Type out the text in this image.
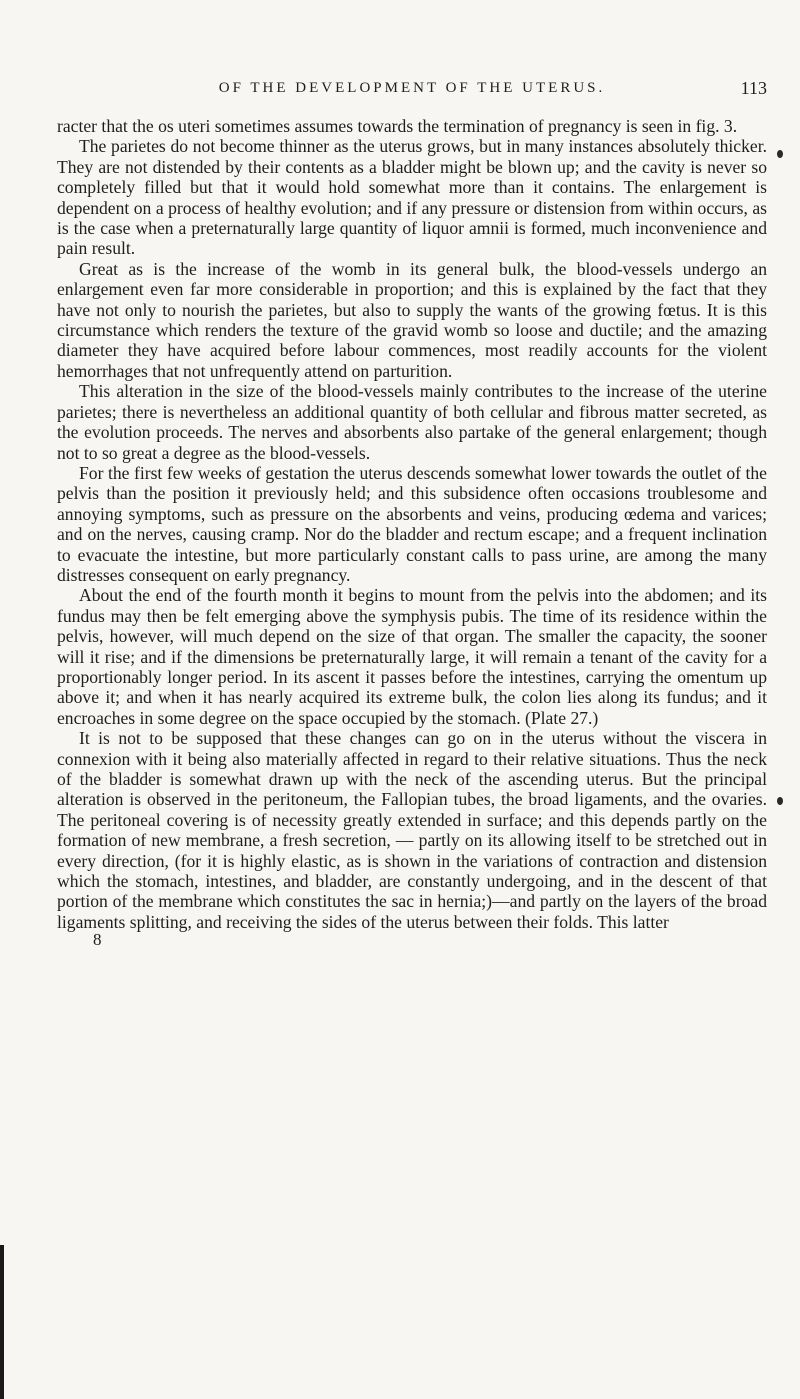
OF THE DEVELOPMENT OF THE UTERUS.	113

racter that the os uteri sometimes assumes towards the termination of pregnancy is seen in fig. 3.

The parietes do not become thinner as the uterus grows, but in many instances absolutely thicker. They are not distended by their contents as a bladder might be blown up; and the cavity is never so completely filled but that it would hold somewhat more than it contains. The enlargement is dependent on a process of healthy evolution; and if any pressure or distension from within occurs, as is the case when a preternaturally large quantity of liquor amnii is formed, much inconvenience and pain result.

Great as is the increase of the womb in its general bulk, the blood-vessels undergo an enlargement even far more considerable in proportion; and this is explained by the fact that they have not only to nourish the parietes, but also to supply the wants of the growing fœtus. It is this circumstance which renders the texture of the gravid womb so loose and ductile; and the amazing diameter they have acquired before labour commences, most readily accounts for the violent hemorrhages that not unfrequently attend on parturition.

This alteration in the size of the blood-vessels mainly contributes to the increase of the uterine parietes; there is nevertheless an additional quantity of both cellular and fibrous matter secreted, as the evolution proceeds. The nerves and absorbents also partake of the general enlargement; though not to so great a degree as the blood-vessels.

For the first few weeks of gestation the uterus descends somewhat lower towards the outlet of the pelvis than the position it previously held; and this subsidence often occasions troublesome and annoying symptoms, such as pressure on the absorbents and veins, producing œdema and varices; and on the nerves, causing cramp. Nor do the bladder and rectum escape; and a frequent inclination to evacuate the intestine, but more particularly constant calls to pass urine, are among the many distresses consequent on early pregnancy.

About the end of the fourth month it begins to mount from the pelvis into the abdomen; and its fundus may then be felt emerging above the symphysis pubis. The time of its residence within the pelvis, however, will much depend on the size of that organ. The smaller the capacity, the sooner will it rise; and if the dimensions be preternaturally large, it will remain a tenant of the cavity for a proportionably longer period. In its ascent it passes before the intestines, carrying the omentum up above it; and when it has nearly acquired its extreme bulk, the colon lies along its fundus; and it encroaches in some degree on the space occupied by the stomach. (Plate 27.)

It is not to be supposed that these changes can go on in the uterus without the viscera in connexion with it being also materially affected in regard to their relative situations. Thus the neck of the bladder is somewhat drawn up with the neck of the ascending uterus. But the principal alteration is observed in the peritoneum, the Fallopian tubes, the broad ligaments, and the ovaries. The peritoneal covering is of necessity greatly extended in surface; and this depends partly on the formation of new membrane, a fresh secretion, — partly on its allowing itself to be stretched out in every direction, (for it is highly elastic, as is shown in the variations of contraction and distension which the stomach, intestines, and bladder, are constantly undergoing, and in the descent of that portion of the membrane which constitutes the sac in hernia;)—and partly on the layers of the broad ligaments splitting, and receiving the sides of the uterus between their folds. This latter

8
